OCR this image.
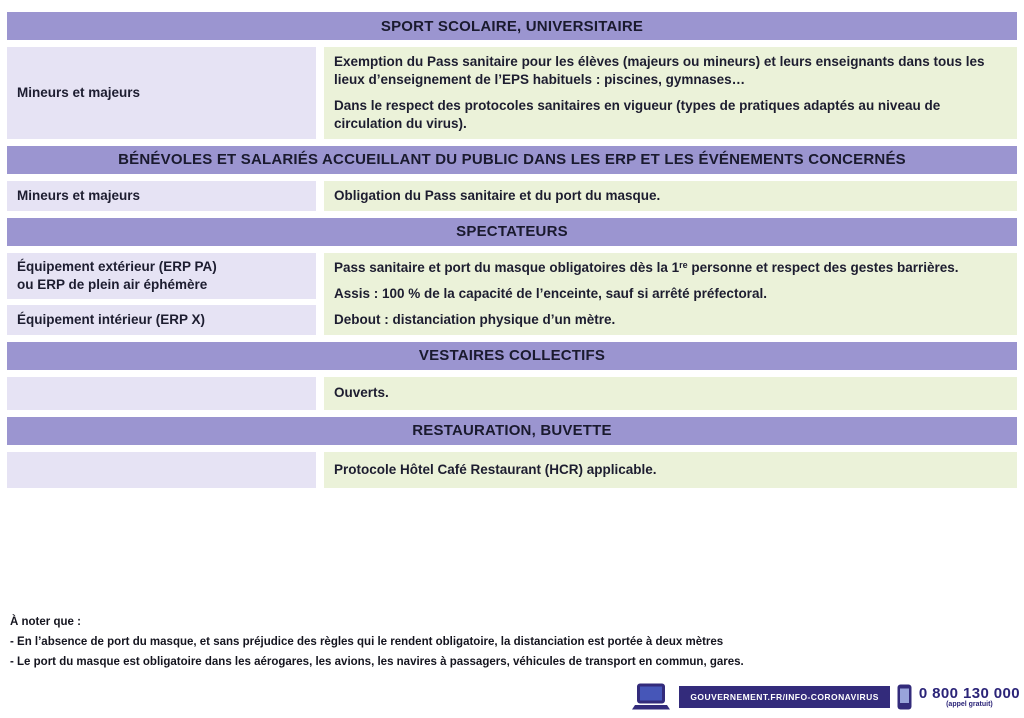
SPORT SCOLAIRE, UNIVERSITAIRE
Mineurs et majeurs
Exemption du Pass sanitaire pour les élèves (majeurs ou mineurs) et leurs enseignants dans tous les lieux d’enseignement de l’EPS habituels : piscines, gymnases…
Dans le respect des protocoles sanitaires en vigueur (types de pratiques adaptés au niveau de circulation du virus).
BÉNÉVOLES ET SALARIÉS ACCUEILLANT DU PUBLIC DANS LES ERP ET LES ÉVÉNEMENTS CONCERNÉS
Mineurs et majeurs	Obligation du Pass sanitaire et du port du masque.
SPECTATEURS
Équipement extérieur (ERP PA)
ou ERP de plein air éphémère
Équipement intérieur (ERP X)
Pass sanitaire et port du masque obligatoires dès la 1re personne et respect des gestes barrières.
Assis : 100 % de la capacité de l’enceinte, sauf si arrêté préfectoral.
Debout : distanciation physique d’un mètre.
VESTAIRES COLLECTIFS
Ouverts.
RESTAURATION, BUVETTE
Protocole Hôtel Café Restaurant (HCR) applicable.
À noter que :
- En l’absence de port du masque, et sans préjudice des règles qui le rendent obligatoire, la distanciation est portée à deux mètres
- Le port du masque est obligatoire dans les aérogares, les avions, les navires à passagers, véhicules de transport en commun, gares.
GOUVERNEMENT.FR/INFO-CORONAVIRUS	0 800 130 000
(appel gratuit)
